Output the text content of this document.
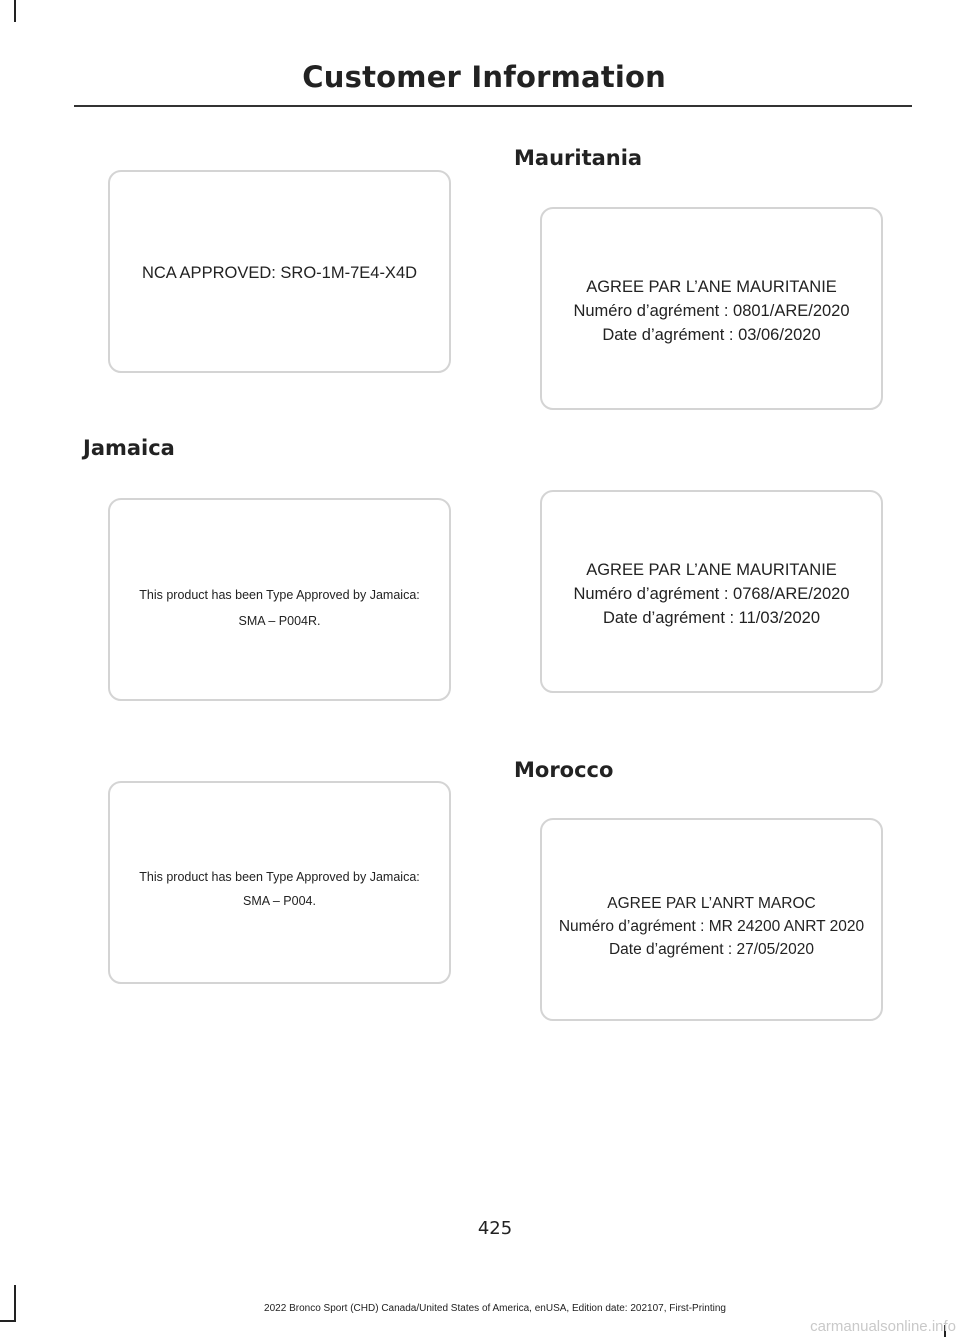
Customer Information
NCA APPROVED: SRO-1M-7E4-X4D
Jamaica
This product has been Type Approved by Jamaica:
SMA – P004R.
This product has been Type Approved by Jamaica:
SMA – P004.
Mauritania
AGREE PAR L’ANE MAURITANIE
Numéro d’agrément : 0801/ARE/2020
Date d’agrément : 03/06/2020
AGREE PAR L’ANE MAURITANIE
Numéro d’agrément : 0768/ARE/2020
Date d’agrément : 11/03/2020
Morocco
AGREE PAR L’ANRT MAROC
Numéro d’agrément : MR 24200 ANRT 2020
Date d’agrément : 27/05/2020
425
2022 Bronco Sport (CHD) Canada/United States of America, enUSA, Edition date: 202107, First-Printing
carmanualsonline.info
